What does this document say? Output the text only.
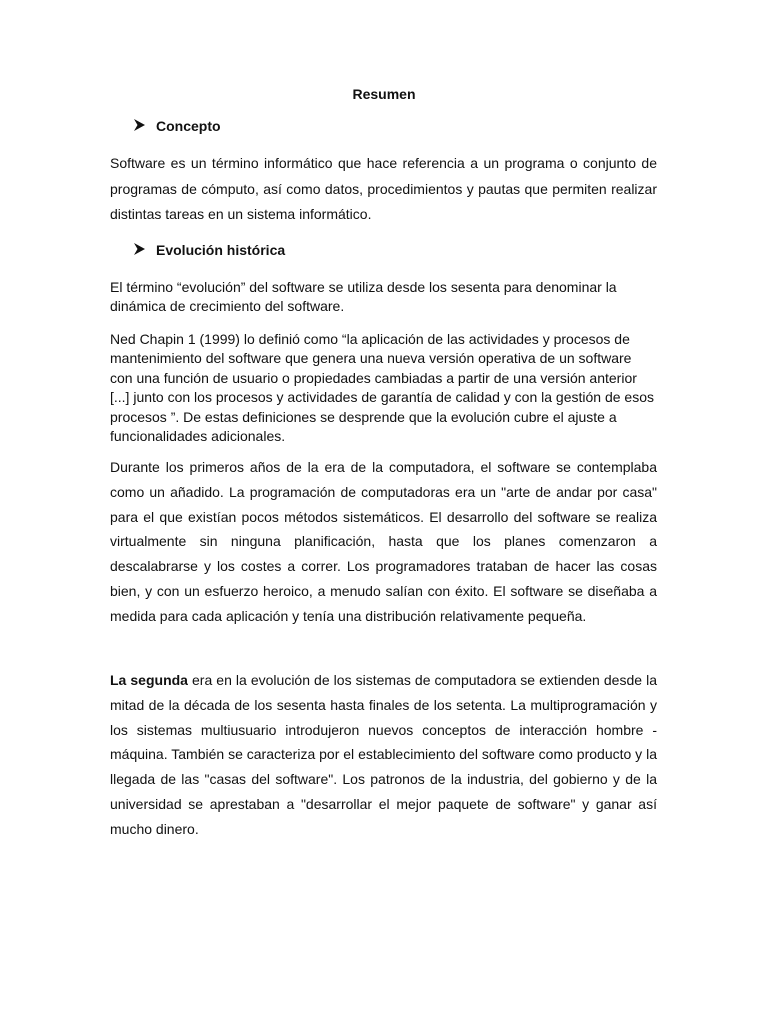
Resumen
Concepto

Software es un término informático que hace referencia a un programa o conjunto de programas de cómputo, así como datos, procedimientos y pautas que permiten realizar distintas tareas en un sistema informático.

Evolución histórica

El término “evolución” del software se utiliza desde los sesenta para denominar la dinámica de crecimiento del software.

Ned Chapin 1 (1999) lo definió como “la aplicación de las actividades y procesos de mantenimiento del software que genera una nueva versión operativa de un software con una función de usuario o propiedades cambiadas a partir de una versión anterior [...] junto con los procesos y actividades de garantía de calidad y con la gestión de esos procesos ”. De estas definiciones se desprende que la evolución cubre el ajuste a funcionalidades adicionales.

Durante los primeros años de la era de la computadora, el software se contemplaba como un añadido. La programación de computadoras era un "arte de andar por casa" para el que existían pocos métodos sistemáticos. El desarrollo del software se realiza virtualmente sin ninguna planificación, hasta que los planes comenzaron a descalabrarse y los costes a correr. Los programadores trataban de hacer las cosas bien, y con un esfuerzo heroico, a menudo salían con éxito. El software se diseñaba a medida para cada aplicación y tenía una distribución relativamente pequeña.

La segunda era en la evolución de los sistemas de computadora se extienden desde la mitad de la década de los sesenta hasta finales de los setenta. La multiprogramación y los sistemas multiusuario introdujeron nuevos conceptos de interacción hombre - máquina. También se caracteriza por el establecimiento del software como producto y la llegada de las "casas del software". Los patronos de la industria, del gobierno y de la universidad se aprestaban a "desarrollar el mejor paquete de software" y ganar así mucho dinero.
